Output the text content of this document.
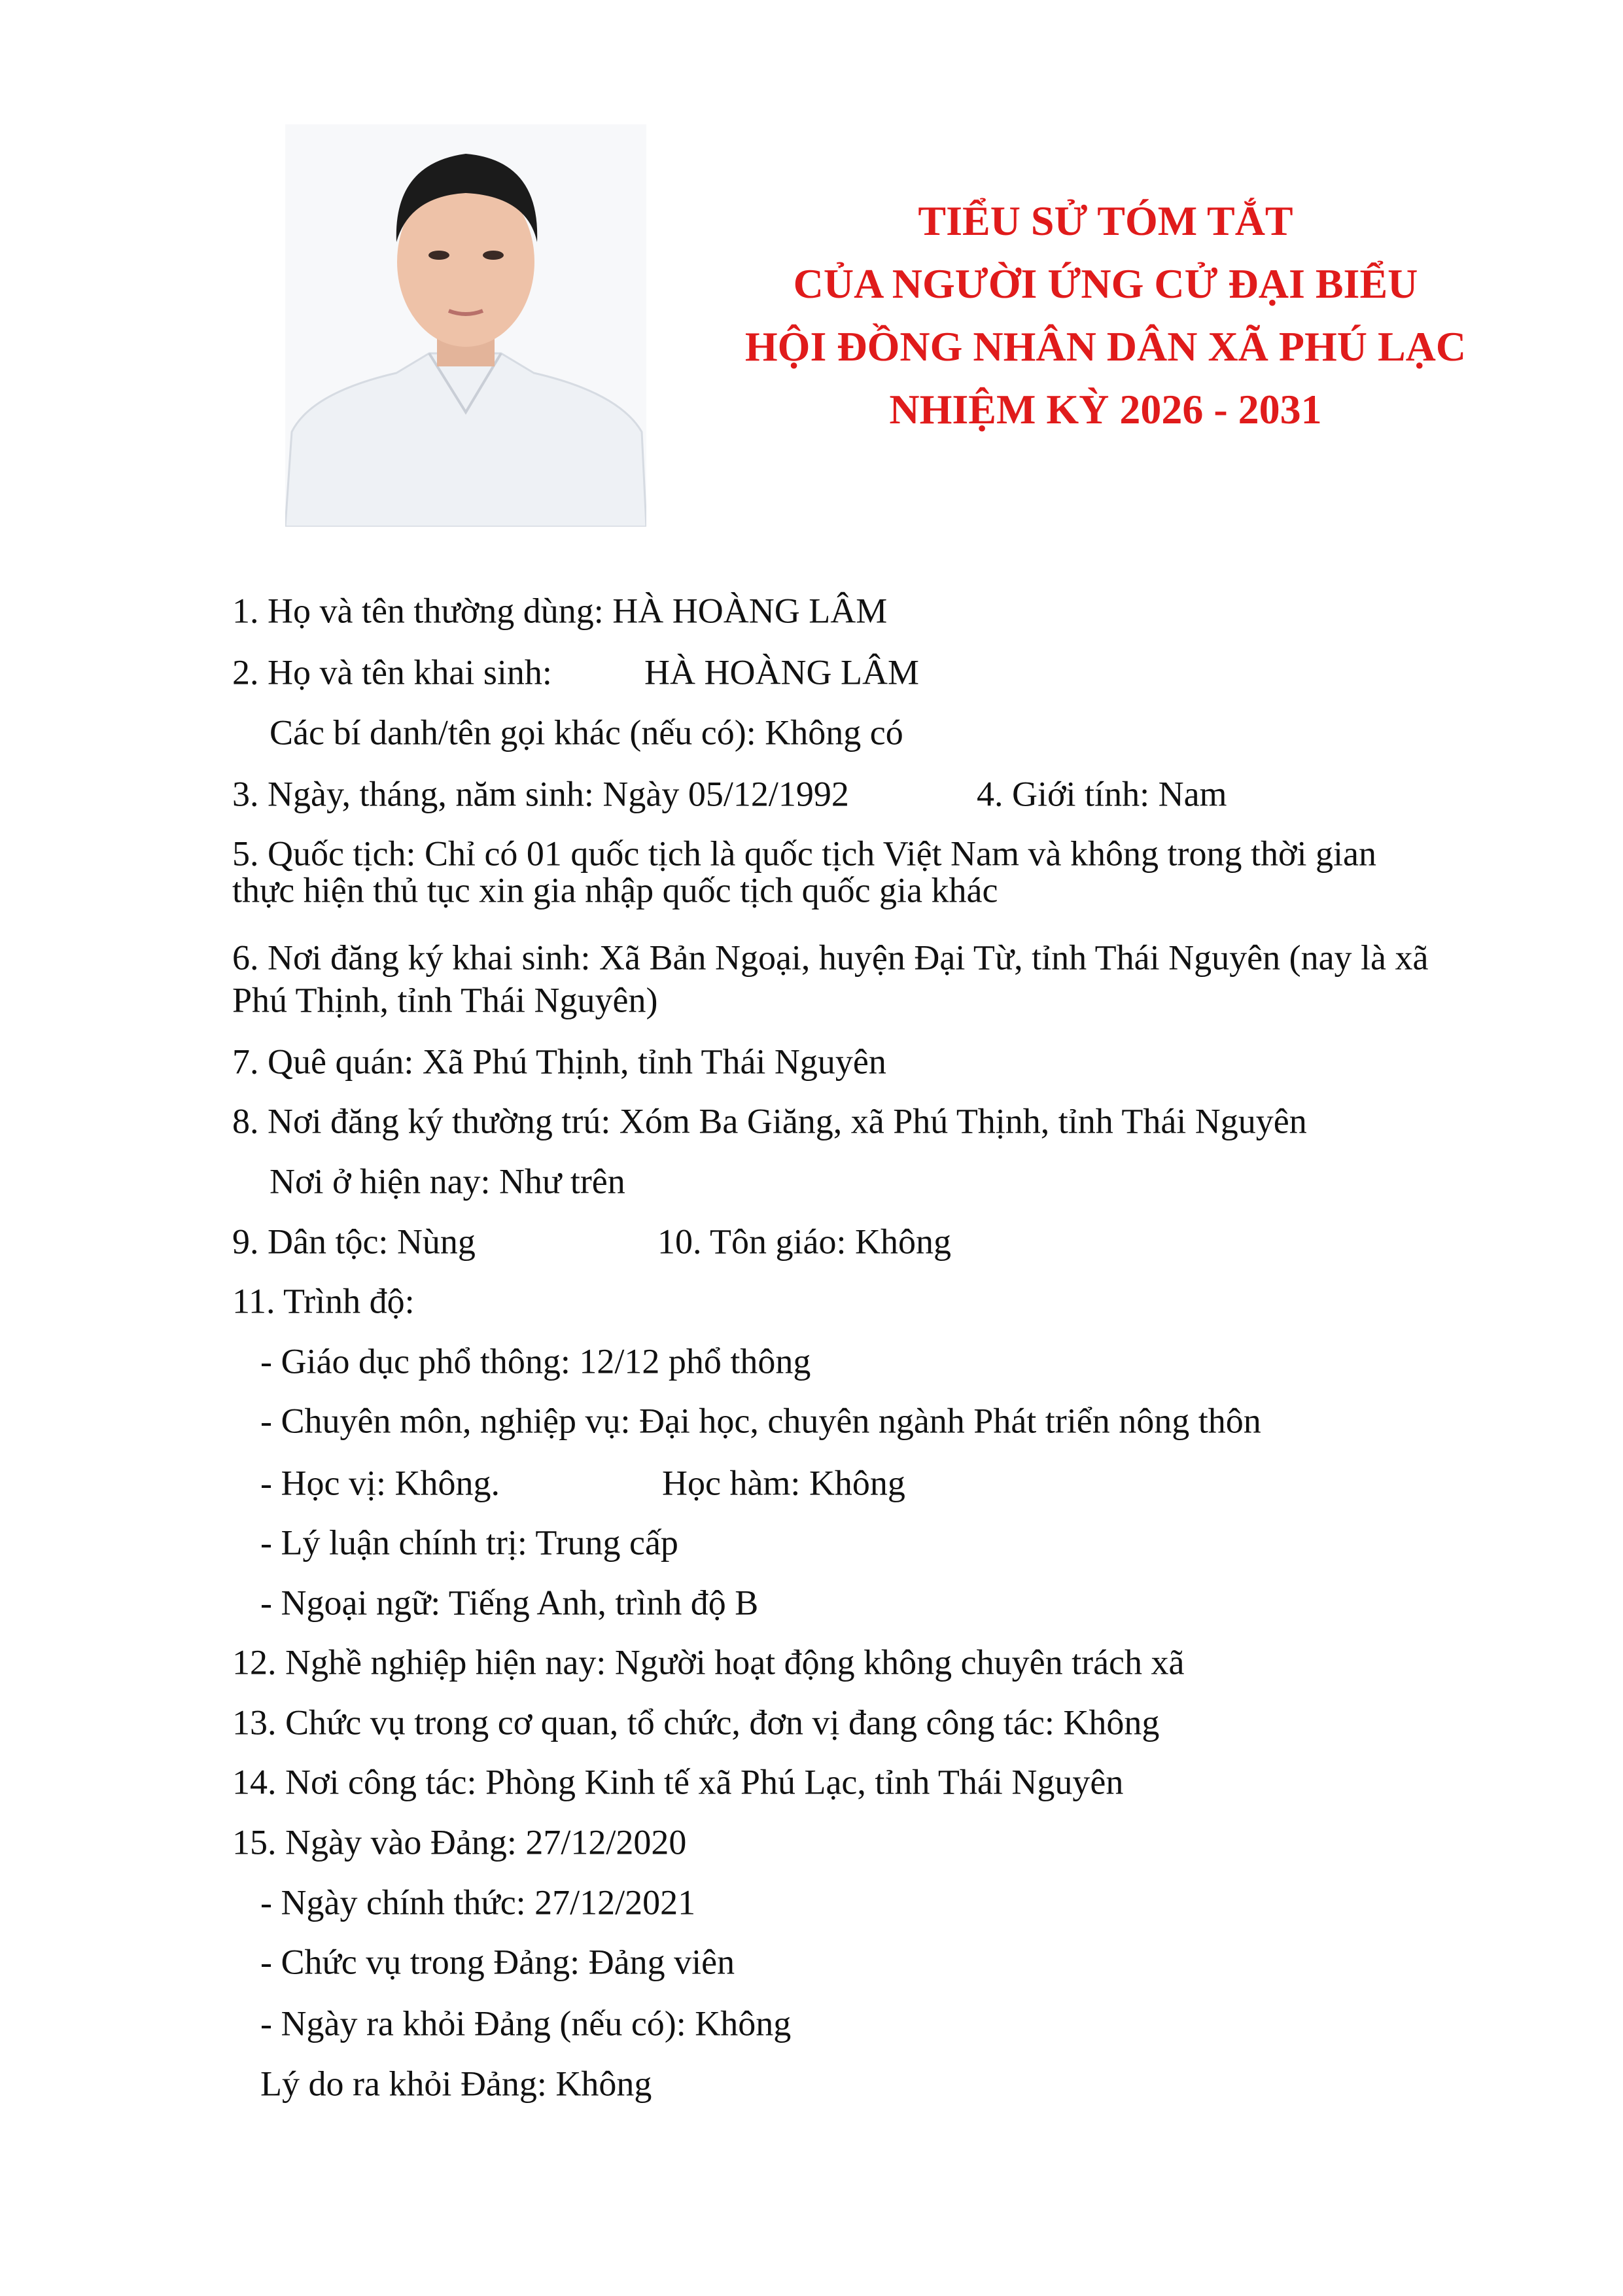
TIỂU SỬ TÓM TẮT
CỦA NGƯỜI ỨNG CỬ ĐẠI BIỂU
HỘI ĐỒNG NHÂN DÂN XÃ PHÚ LẠC
NHIỆM KỲ 2026 - 2031
1. Họ và tên thường dùng: HÀ HOÀNG LÂM
2. Họ và tên khai sinh:	HÀ HOÀNG LÂM
Các bí danh/tên gọi khác (nếu có): Không có
3. Ngày, tháng, năm sinh: Ngày 05/12/1992	4. Giới tính: Nam
5. Quốc tịch: Chỉ có 01 quốc tịch là quốc tịch Việt Nam và không trong thời gian
thực hiện thủ tục xin gia nhập quốc tịch quốc gia khác
6. Nơi đăng ký khai sinh: Xã Bản Ngoại, huyện Đại Từ, tỉnh Thái Nguyên (nay là xã
Phú Thịnh, tỉnh Thái Nguyên)
7. Quê quán: Xã Phú Thịnh, tỉnh Thái Nguyên
8. Nơi đăng ký thường trú: Xóm Ba Giăng, xã Phú Thịnh, tỉnh Thái Nguyên
Nơi ở hiện nay: Như trên
9. Dân tộc: Nùng	10. Tôn giáo: Không
11. Trình độ:
- Giáo dục phổ thông: 12/12 phổ thông
- Chuyên môn, nghiệp vụ: Đại học, chuyên ngành Phát triển nông thôn
- Học vị: Không.	Học hàm: Không
- Lý luận chính trị: Trung cấp
- Ngoại ngữ: Tiếng Anh, trình độ B
12. Nghề nghiệp hiện nay: Người hoạt động không chuyên trách xã
13. Chức vụ trong cơ quan, tổ chức, đơn vị đang công tác: Không
14. Nơi công tác: Phòng Kinh tế xã Phú Lạc, tỉnh Thái Nguyên
15. Ngày vào Đảng: 27/12/2020
- Ngày chính thức: 27/12/2021
- Chức vụ trong Đảng: Đảng viên
- Ngày ra khỏi Đảng (nếu có): Không
Lý do ra khỏi Đảng: Không
